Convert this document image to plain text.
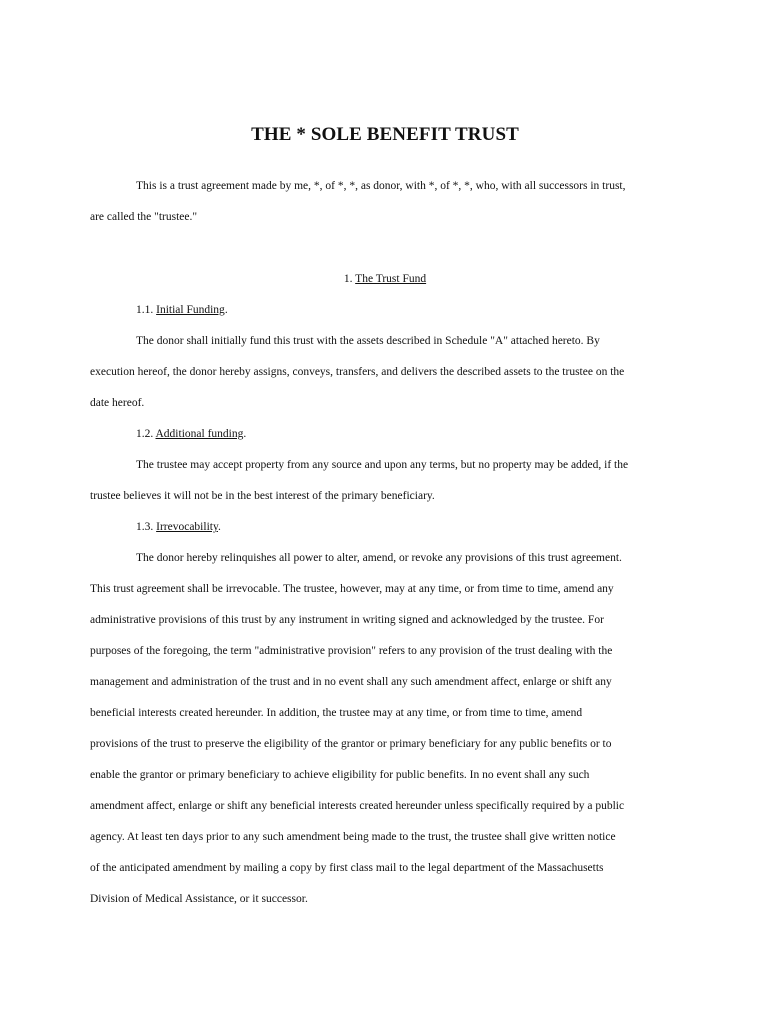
THE * SOLE BENEFIT TRUST
This is a trust agreement made by me, *, of *, *, as donor, with *, of *, *, who, with all successors in trust,
are called the "trustee."
1. The Trust Fund
1.1. Initial Funding.
The donor shall initially fund this trust with the assets described in Schedule "A" attached hereto. By
execution hereof, the donor hereby assigns, conveys, transfers, and delivers the described assets to the trustee on the
date hereof.
1.2. Additional funding.
The trustee may accept property from any source and upon any terms, but no property may be added, if the
trustee believes it will not be in the best interest of the primary beneficiary.
1.3. Irrevocability.
The donor hereby relinquishes all power to alter, amend, or revoke any provisions of this trust agreement.
This trust agreement shall be irrevocable. The trustee, however, may at any time, or from time to time, amend any
administrative provisions of this trust by any instrument in writing signed and acknowledged by the trustee. For
purposes of the foregoing, the term "administrative provision" refers to any provision of the trust dealing with the
management and administration of the trust and in no event shall any such amendment affect, enlarge or shift any
beneficial interests created hereunder. In addition, the trustee may at any time, or from time to time, amend
provisions of the trust to preserve the eligibility of the grantor or primary beneficiary for any public benefits or to
enable the grantor or primary beneficiary to achieve eligibility for public benefits. In no event shall any such
amendment affect, enlarge or shift any beneficial interests created hereunder unless specifically required by a public
agency. At least ten days prior to any such amendment being made to the trust, the trustee shall give written notice
of the anticipated amendment by mailing a copy by first class mail to the legal department of the Massachusetts
Division of Medical Assistance, or it successor.
